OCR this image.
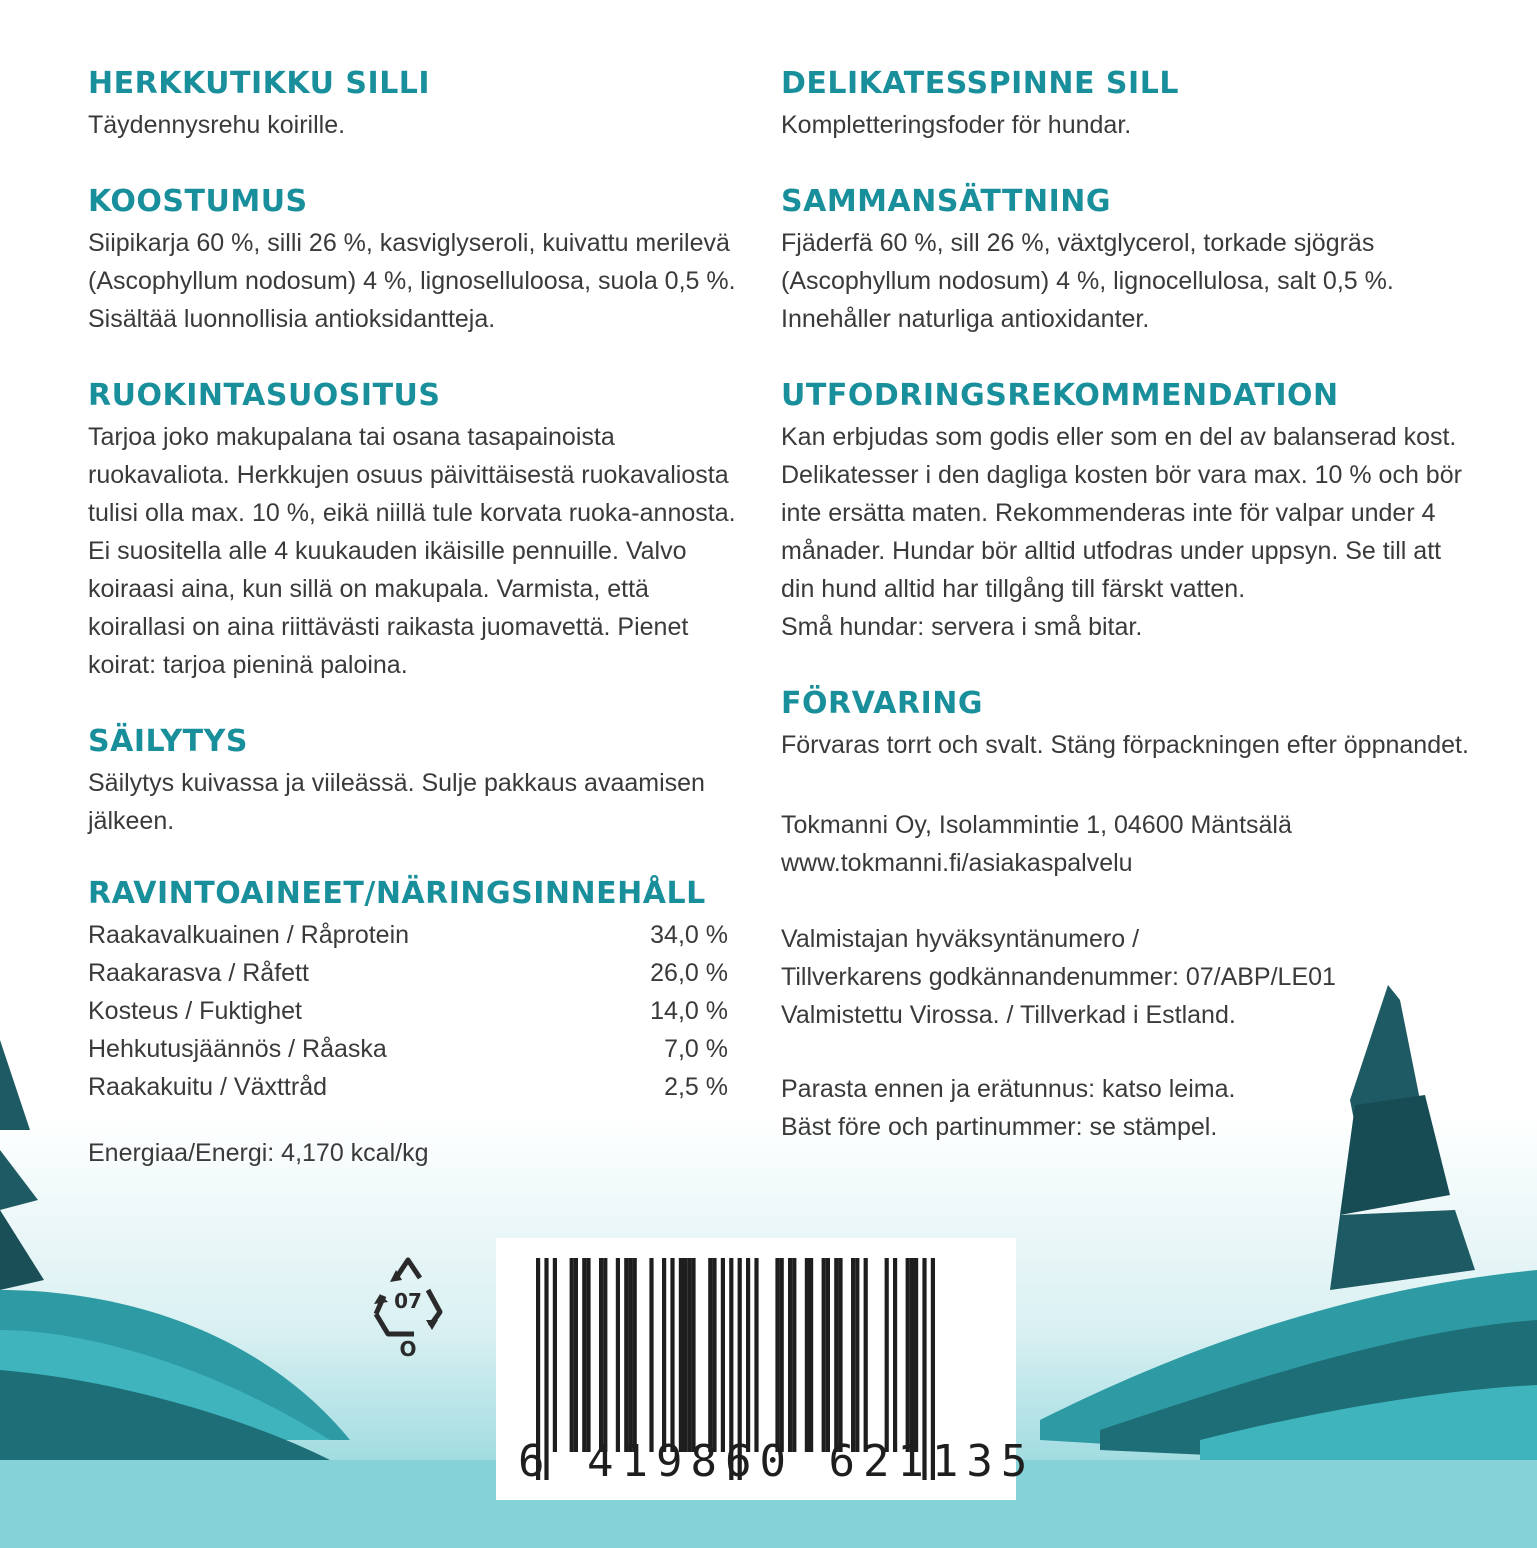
HERKKUTIKKU SILLI

Täydennysrehu koirille.

KOOSTUMUS

Siipikarja 60 %, silli 26 %, kasviglyseroli, kuivattu merilevä (Ascophyllum nodosum) 4 %, lignoselluloosa, suola 0,5 %. Sisältää luonnollisia antioksidantteja.

RUOKINTASUOSITUS

Tarjoa joko makupalana tai osana tasapainoista ruokavaliota. Herkkujen osuus päivittäisestä ruokavaliosta tulisi olla max. 10 %, eikä niillä tule korvata ruoka-annosta. Ei suositella alle 4 kuukauden ikäisille pennuille. Valvo koiraasi aina, kun sillä on makupala. Varmista, että koirallasi on aina riittävästi raikasta juomavettä. Pienet koirat: tarjoa pieninä paloina.

SÄILYTYS

Säilytys kuivassa ja viileässä. Sulje pakkaus avaamisen jälkeen.

RAVINTOAINEET/NÄRINGSINNEHÅLL
Raakavalkuainen / Råprotein	34,0 %
Raakarasva / Råfett	26,0 %
Kosteus / Fuktighet	14,0 %
Hehkutusjäännös / Råaska	7,0 %
Raakakuitu / Växttråd	2,5 %

Energiaa/Energi: 4,170 kcal/kg

DELIKATESSPINNE SILL

Kompletteringsfoder för hundar.

SAMMANSÄTTNING

Fjäderfä 60 %, sill 26 %, växtglycerol, torkade sjögräs (Ascophyllum nodosum) 4 %, lignocellulosa, salt 0,5 %. Innehåller naturliga antioxidanter.

UTFODRINGSREKOMMENDATION

Kan erbjudas som godis eller som en del av balanserad kost. Delikatesser i den dagliga kosten bör vara max. 10 % och bör inte ersätta maten. Rekommenderas inte för valpar under 4 månader. Hundar bör alltid utfodras under uppsyn. Se till att din hund alltid har tillgång till färskt vatten.

Små hundar: servera i små bitar.

FÖRVARING

Förvaras torrt och svalt. Stäng förpackningen efter öppnandet.

Tokmanni Oy, Isolammintie 1, 04600 Mäntsälä

www.tokmanni.fi/asiakaspalvelu

Valmistajan hyväksyntänumero /

Tillverkarens godkännandenummer: 07/ABP/LE01

Valmistettu Virossa. / Tillverkad i Estland.

Parasta ennen ja erätunnus: katso leima.

Bäst före och partinummer: se stämpel.

07
O
6 419860 621135
